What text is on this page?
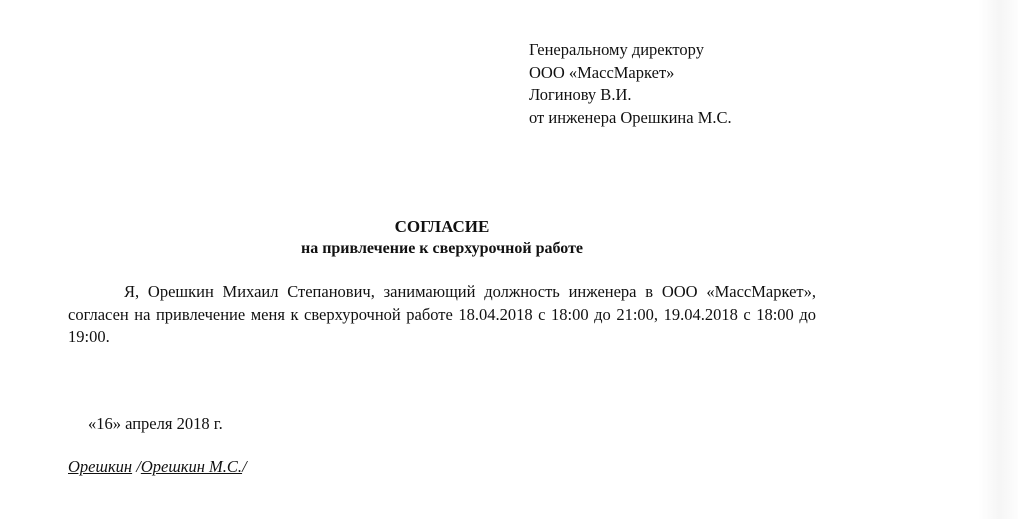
Генеральному директору
ООО «МассМаркет»
Логинову В.И.
от инженера Орешкина М.С.
СОГЛАСИЕ
на привлечение к сверхурочной работе

Я, Орешкин Михаил Степанович, занимающий должность инженера в ООО «МассМаркет», согласен на привлечение меня к сверхурочной работе 18.04.2018 с 18:00 до 21:00, 19.04.2018 с 18:00 до 19:00.

«16» апреля 2018 г.
Орешкин /Орешкин М.С./
